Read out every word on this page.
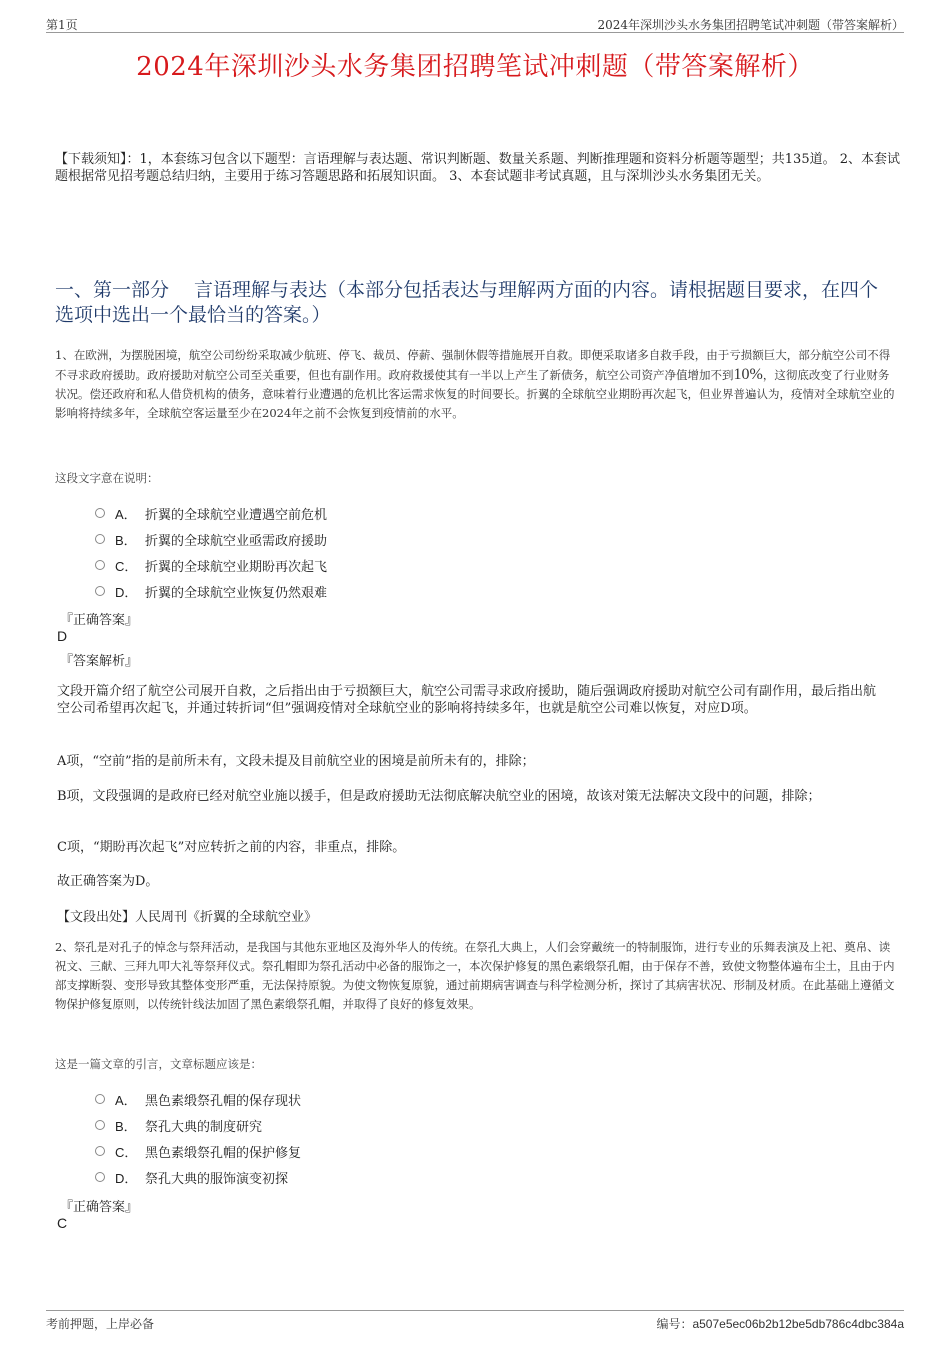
第1页	2024年深圳沙头水务集团招聘笔试冲刺题（带答案解析）
2024年深圳沙头水务集团招聘笔试冲刺题（带答案解析）
【下载须知】：1，本套练习包含以下题型：言语理解与表达题、常识判断题、数量关系题、判断推理题和资料分析题等题型；共135道。 2、本套试题根据常见招考题总结归纳，主要用于练习答题思路和拓展知识面。 3、本套试题非考试真题，且与深圳沙头水务集团无关。
一、第一部分　 言语理解与表达（本部分包括表达与理解两方面的内容。请根据题目要求，在四个选项中选出一个最恰当的答案。）
1、在欧洲，为摆脱困境，航空公司纷纷采取减少航班、停飞、裁员、停薪、强制休假等措施展开自救。即便采取诸多自救手段，由于亏损额巨大，部分航空公司不得不寻求政府援助。政府援助对航空公司至关重要，但也有副作用。政府救援使其有一半以上产生了新债务，航空公司资产净值增加不到10%，这彻底改变了行业财务状况。偿还政府和私人借贷机构的债务，意味着行业遭遇的危机比客运需求恢复的时间要长。折翼的全球航空业期盼再次起飞，但业界普遍认为，疫情对全球航空业的影响将持续多年，全球航空客运量至少在2024年之前不会恢复到疫情前的水平。
这段文字意在说明：
A． 折翼的全球航空业遭遇空前危机
B． 折翼的全球航空业亟需政府援助
C． 折翼的全球航空业期盼再次起飞
D． 折翼的全球航空业恢复仍然艰难
『正确答案』
D
『答案解析』
文段开篇介绍了航空公司展开自救，之后指出由于亏损额巨大，航空公司需寻求政府援助，随后强调政府援助对航空公司有副作用，最后指出航空公司希望再次起飞，并通过转折词“但”强调疫情对全球航空业的影响将持续多年，也就是航空公司难以恢复，对应D项。
A项，“空前”指的是前所未有，文段未提及目前航空业的困境是前所未有的，排除；
B项，文段强调的是政府已经对航空业施以援手，但是政府援助无法彻底解决航空业的困境，故该对策无法解决文段中的问题，排除；
C项，“期盼再次起飞”对应转折之前的内容，非重点，排除。
故正确答案为D。
【文段出处】人民周刊《折翼的全球航空业》
2、祭孔是对孔子的悼念与祭拜活动，是我国与其他东亚地区及海外华人的传统。在祭孔大典上，人们会穿戴统一的特制服饰，进行专业的乐舞表演及上祀、奠帛、读祝文、三献、三拜九叩大礼等祭拜仪式。祭孔帽即为祭孔活动中必备的服饰之一，本次保护修复的黑色素缎祭孔帽，由于保存不善，致使文物整体遍布尘土，且由于内部支撑断裂、变形导致其整体变形严重，无法保持原貌。为使文物恢复原貌，通过前期病害调查与科学检测分析，探讨了其病害状况、形制及材质。在此基础上遵循文物保护修复原则，以传统针线法加固了黑色素缎祭孔帽，并取得了良好的修复效果。
这是一篇文章的引言，文章标题应该是：
A． 黑色素缎祭孔帽的保存现状
B． 祭孔大典的制度研究
C． 黑色素缎祭孔帽的保护修复
D． 祭孔大典的服饰演变初探
『正确答案』
C
考前押题，上岸必备	编号：a507e5ec06b2b12be5db786c4dbc384a
